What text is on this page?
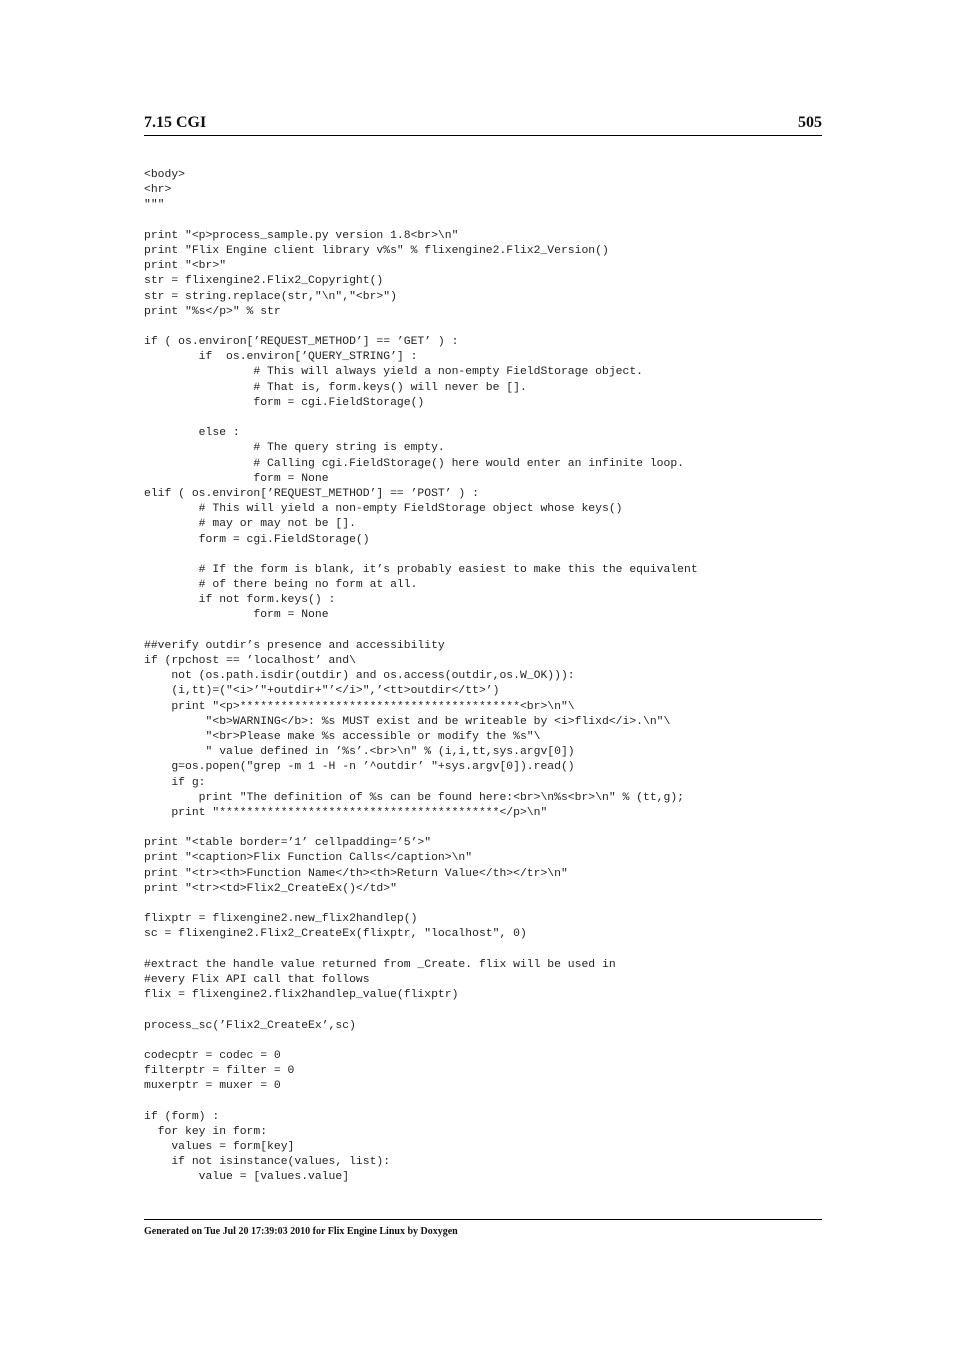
7.15 CGI	505
<body>
<hr>
"""
print "<p>process_sample.py version 1.8<br>\n"
print "Flix Engine client library v%s" % flixengine2.Flix2_Version()
print "<br>"
str = flixengine2.Flix2_Copyright()
str = string.replace(str,"\n","<br>")
print "%s</p>" % str
if ( os.environ[’REQUEST_METHOD’] == ’GET’ ) :
if  os.environ[’QUERY_STRING’] :
# This will always yield a non-empty FieldStorage object.
# That is, form.keys() will never be [].
form = cgi.FieldStorage()
else :
# The query string is empty.
# Calling cgi.FieldStorage() here would enter an infinite loop.
form = None
elif ( os.environ[’REQUEST_METHOD’] == ’POST’ ) :
# This will yield a non-empty FieldStorage object whose keys()
# may or may not be [].
form = cgi.FieldStorage()
# If the form is blank, it’s probably easiest to make this the equivalent
# of there being no form at all.
if not form.keys() :
form = None
##verify outdir’s presence and accessibility
if (rpchost == ’localhost’ and\
not (os.path.isdir(outdir) and os.access(outdir,os.W_OK))):
(i,tt)=("<i>’"+outdir+"’</i>",’<tt>outdir</tt>’)
print "<p>*****************************************<br>\n"\
"<b>WARNING</b>: %s MUST exist and be writeable by <i>flixd</i>.\n"\
"<br>Please make %s accessible or modify the %s"\
" value defined in ’%s’.<br>\n" % (i,i,tt,sys.argv[0])
g=os.popen("grep -m 1 -H -n ’^outdir’ "+sys.argv[0]).read()
if g:
print "The definition of %s can be found here:<br>\n%s<br>\n" % (tt,g);
print "*****************************************</p>\n"
print "<table border=’1’ cellpadding=’5’>"
print "<caption>Flix Function Calls</caption>\n"
print "<tr><th>Function Name</th><th>Return Value</th></tr>\n"
print "<tr><td>Flix2_CreateEx()</td>"
flixptr = flixengine2.new_flix2handlep()
sc = flixengine2.Flix2_CreateEx(flixptr, "localhost", 0)
#extract the handle value returned from _Create. flix will be used in
#every Flix API call that follows
flix = flixengine2.flix2handlep_value(flixptr)
process_sc(’Flix2_CreateEx’,sc)
codecptr = codec = 0
filterptr = filter = 0
muxerptr = muxer = 0
if (form) :
for key in form:
values = form[key]
if not isinstance(values, list):
value = [values.value]
Generated on Tue Jul 20 17:39:03 2010 for Flix Engine Linux by Doxygen
